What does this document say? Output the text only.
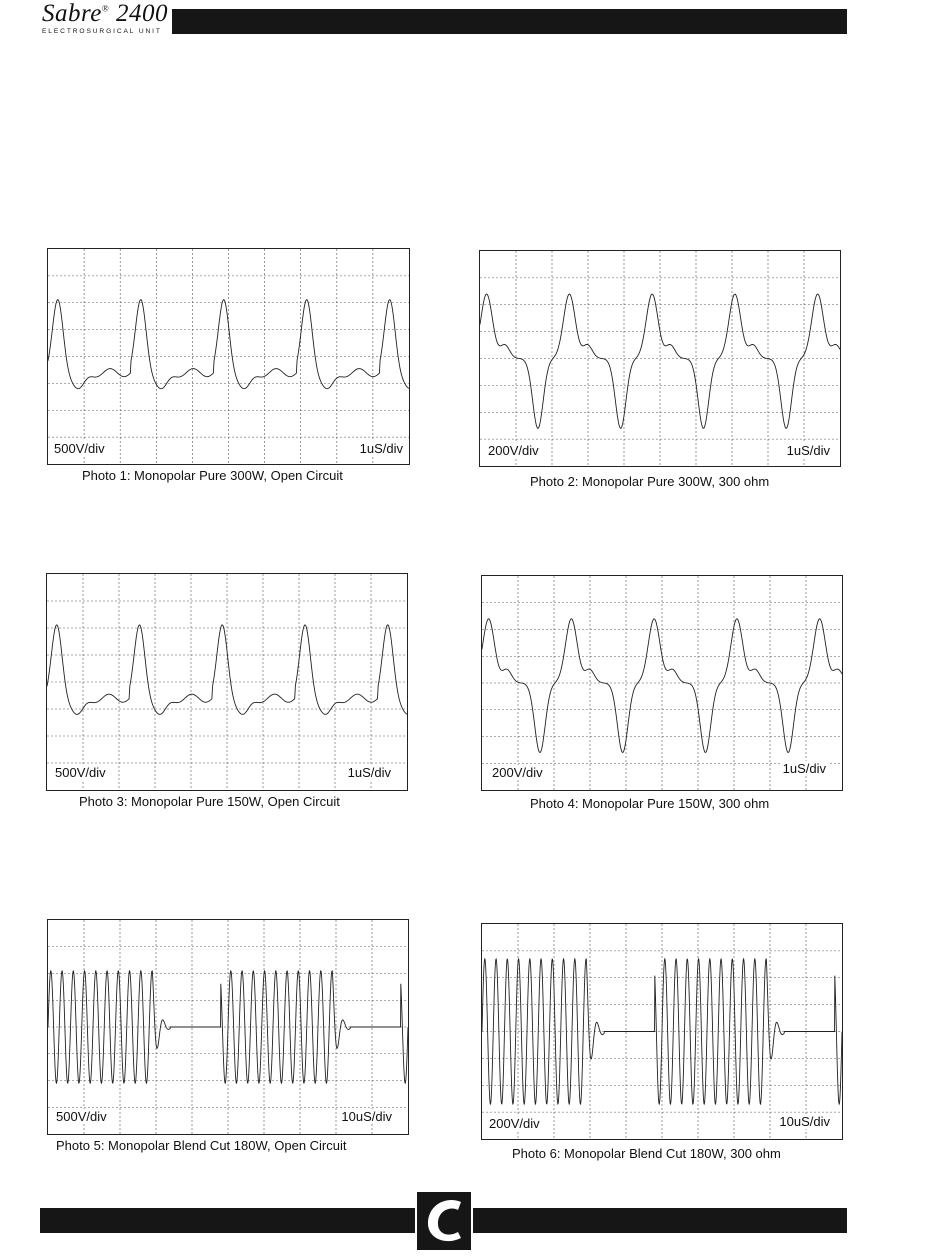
Sabre® 2400
ELECTROSURGICAL UNIT
500V/div	1uS/div
Photo 1: Monopolar Pure 300W, Open Circuit
200V/div	1uS/div
Photo 2: Monopolar Pure 300W, 300 ohm
500V/div	1uS/div
Photo 3: Monopolar Pure 150W, Open Circuit
200V/div	1uS/div
Photo 4: Monopolar Pure 150W, 300 ohm
500V/div	10uS/div
Photo 5: Monopolar Blend Cut 180W, Open Circuit
200V/div	10uS/div
Photo 6: Monopolar Blend Cut 180W, 300 ohm
